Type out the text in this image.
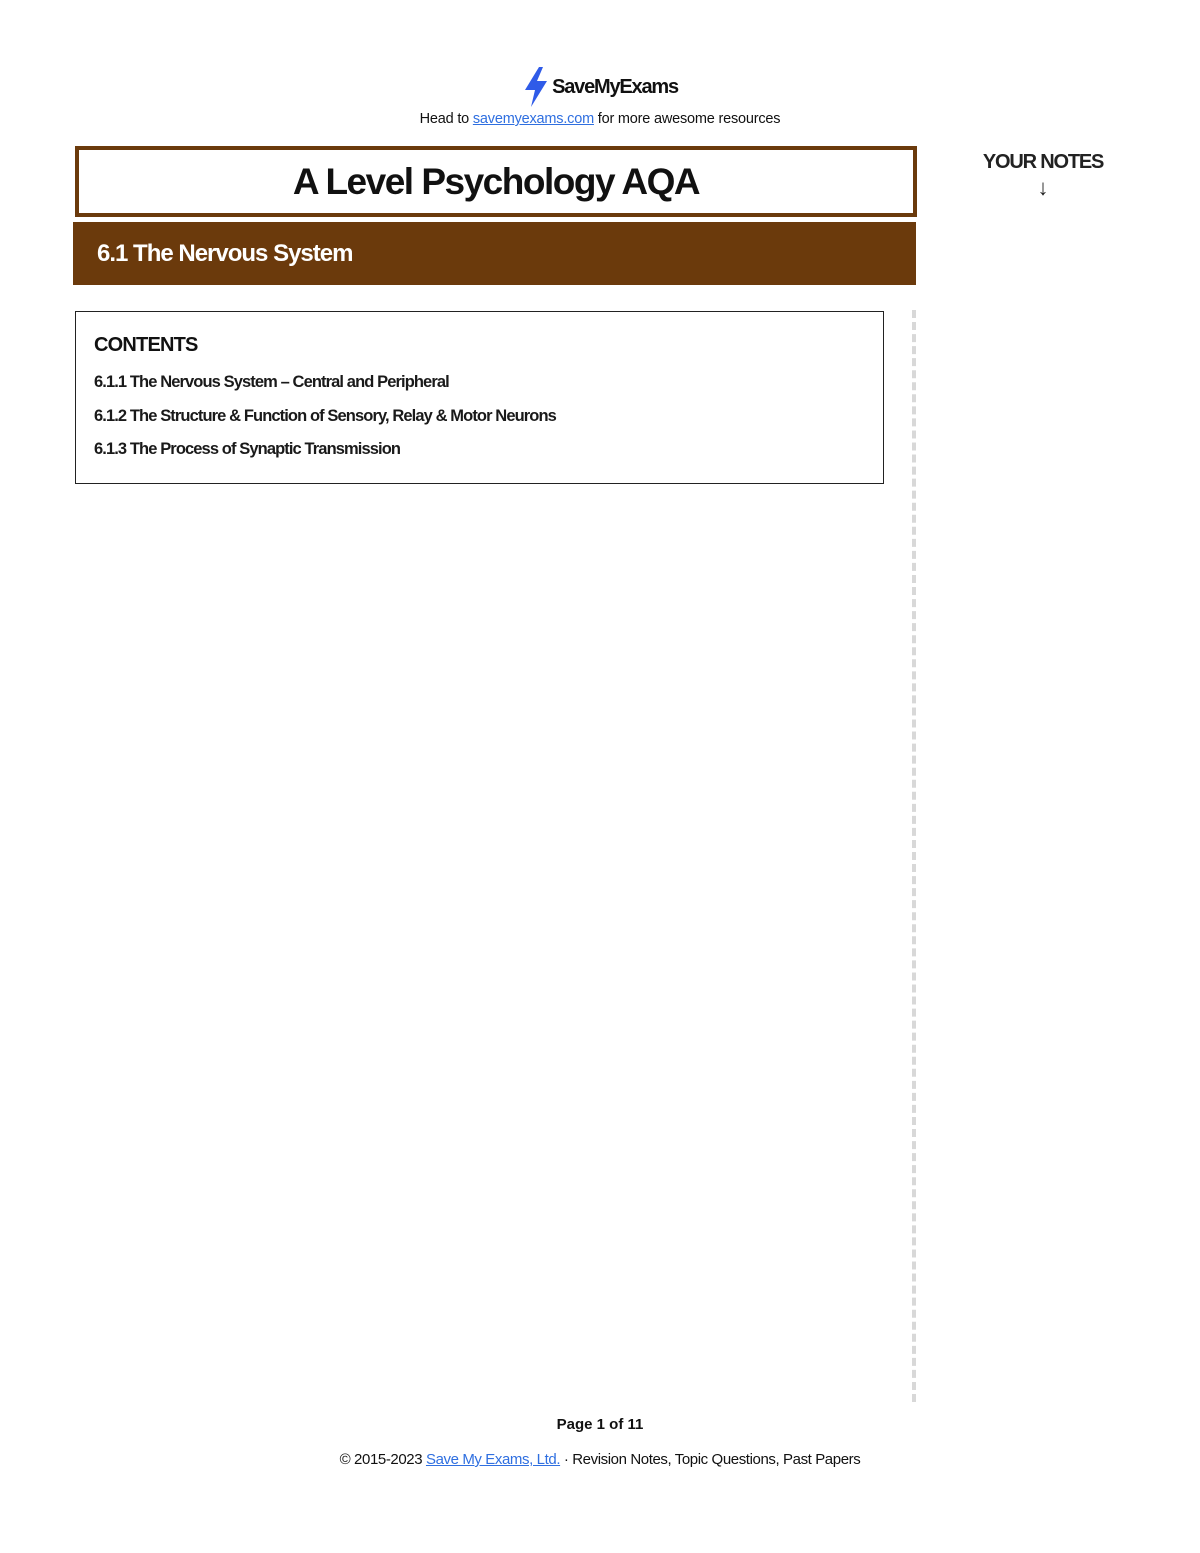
SaveMyExams
Head to savemyexams.com for more awesome resources
A Level Psychology AQA
6.1 The Nervous System
YOUR NOTES
↓
CONTENTS
6.1.1 The Nervous System – Central and Peripheral
6.1.2 The Structure & Function of Sensory, Relay & Motor Neurons
6.1.3 The Process of Synaptic Transmission
Page 1 of 11
© 2015-2023 Save My Exams, Ltd. · Revision Notes, Topic Questions, Past Papers
